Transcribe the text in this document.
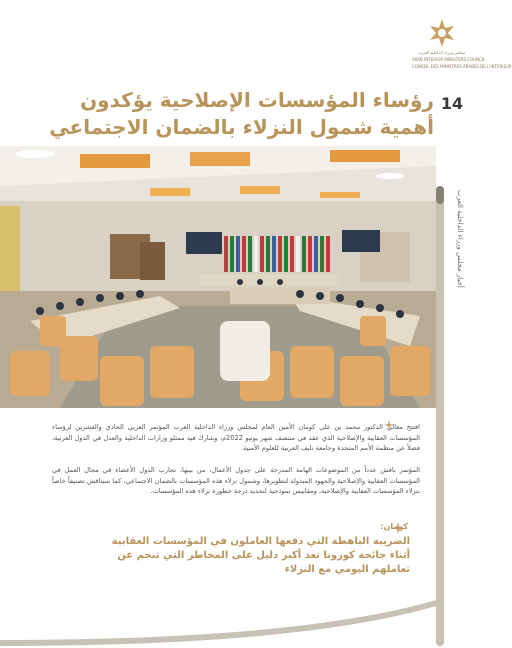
مجلس وزراء الداخلية العرب
ARAB INTERIOR MINISTERS COUNCIL
CONSEIL DES MINISTRES ARABES DE L'INTERIEUR
14
رؤساء المؤسسات الإصلاحية يؤكدون
أهمية شمول النزلاء بالضمان الاجتماعي
أخبار مجلس وزراء الداخلية العرب

افتتح معالي الدكتور محمد بن علي كومان الأمين العام لمجلس وزراء الداخلية العرب المؤتمر العربي الحادي والعشرين لرؤساء المؤسسات العقابية والإصلاحية الذي عقد في منتصف شهر يونيو 2022م، وشارك فيه ممثلو وزارات الداخلية والعدل في الدول العربية، فضلاً عن منظمة الأمم المتحدة وجامعة نايف العربية للعلوم الأمنية.

المؤتمر ناقش عدداً من الموضوعات الهامة المدرجة على جدول الأعمال، من بينها، تجارب الدول الأعضاء في مجال العمل في المؤسسات العقابية والإصلاحية والجهود المبذولة لتطويرها، وشمول نزلاء هذه المؤسسات بالضمان الاجتماعي، كما سيناقش تصنيفاً خاصاً بنزلاء المؤسسات العقابية والإصلاحية، ومقاييس نموذجية لتحديد درجة خطورة نزلاء هذه المؤسسات.

كومان:

الضريبة الباهظة التي دفعها العاملون في المؤسسات العقابية
أثناء جائحة كورونا تعد أكبر دليل على المخاطر التي تنجم عن
تعاملهم اليومي مع النزلاء
